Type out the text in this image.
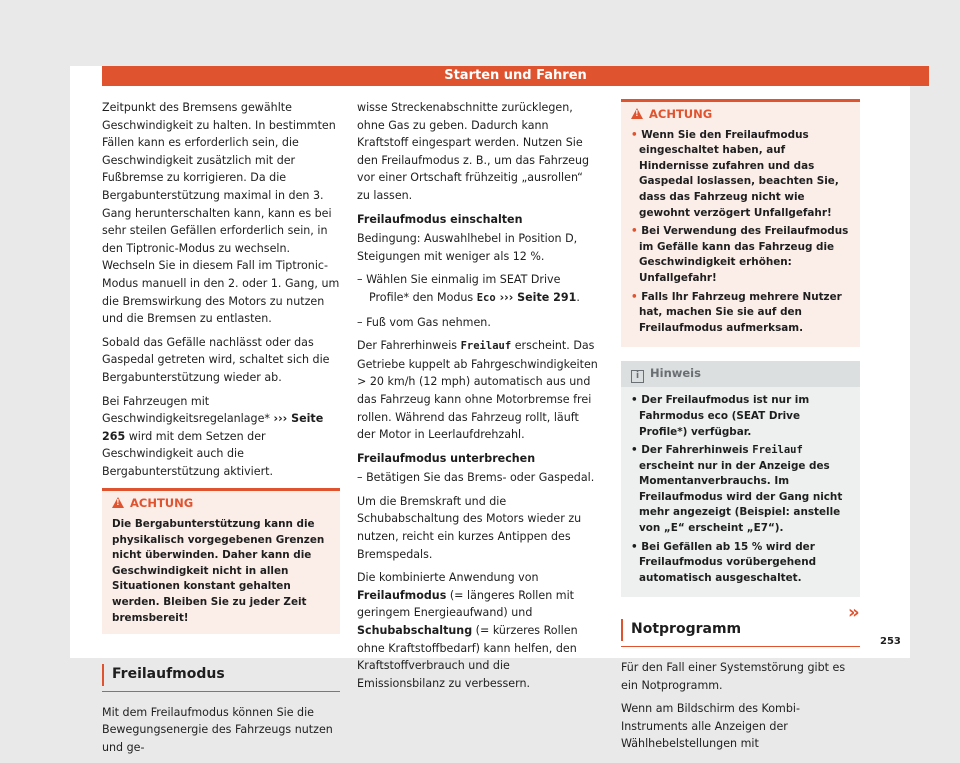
Starten und Fahren

Zeitpunkt des Bremsens gewählte Geschwindigkeit zu halten. In bestimmten Fällen kann es erforderlich sein, die Geschwindigkeit zusätzlich mit der Fußbremse zu korrigieren. Da die Bergabunterstützung maximal in den 3. Gang herunterschalten kann, kann es bei sehr steilen Gefällen erforderlich sein, in den Tiptronic-Modus zu wechseln. Wechseln Sie in diesem Fall im Tiptronic-Modus manuell in den 2. oder 1. Gang, um die Bremswirkung des Motors zu nutzen und die Bremsen zu entlasten.

Sobald das Gefälle nachlässt oder das Gaspedal getreten wird, schaltet sich die Bergabunterstützung wieder ab.

Bei Fahrzeugen mit Geschwindigkeitsregelanlage* ››› Seite 265 wird mit dem Setzen der Geschwindigkeit auch die Bergabunterstützung aktiviert.

!ACHTUNG
Die Bergabunterstützung kann die physikalisch vorgegebenen Grenzen nicht überwinden. Daher kann die Geschwindigkeit nicht in allen Situationen konstant gehalten werden. Bleiben Sie zu jeder Zeit bremsbereit!
Freilaufmodus

Mit dem Freilaufmodus können Sie die Bewegungsenergie des Fahrzeugs nutzen und ge-

wisse Streckenabschnitte zurücklegen, ohne Gas zu geben. Dadurch kann Kraftstoff eingespart werden. Nutzen Sie den Freilaufmodus z. B., um das Fahrzeug vor einer Ortschaft frühzeitig „ausrollen“ zu lassen.

Freilaufmodus einschalten

Bedingung: Auswahlhebel in Position D, Steigungen mit weniger als 12 %.

– Wählen Sie einmalig im SEAT Drive Profile* den Modus Eco ››› Seite 291.
– Fuß vom Gas nehmen.

Der Fahrerhinweis Freilauf erscheint. Das Getriebe kuppelt ab Fahrgeschwindigkeiten > 20 km/h (12 mph) automatisch aus und das Fahrzeug kann ohne Motorbremse frei rollen. Während das Fahrzeug rollt, läuft der Motor in Leerlaufdrehzahl.

Freilaufmodus unterbrechen
– Betätigen Sie das Brems- oder Gaspedal.

Um die Bremskraft und die Schubabschaltung des Motors wieder zu nutzen, reicht ein kurzes Antippen des Bremspedals.

Die kombinierte Anwendung von Freilaufmodus (= längeres Rollen mit geringem Energieaufwand) und Schubabschaltung (= kürzeres Rollen ohne Kraftstoffbedarf) kann helfen, den Kraftstoffverbrauch und die Emissionsbilanz zu verbessern.

!ACHTUNG
• Wenn Sie den Freilaufmodus eingeschaltet haben, auf Hindernisse zufahren und das Gaspedal loslassen, beachten Sie, dass das Fahrzeug nicht wie gewohnt verzögert Unfallgefahr!
• Bei Verwendung des Freilaufmodus im Gefälle kann das Fahrzeug die Geschwindigkeit erhöhen: Unfallgefahr!
• Falls Ihr Fahrzeug mehrere Nutzer hat, machen Sie sie auf den Freilaufmodus aufmerksam.
i Hinweis
• Der Freilaufmodus ist nur im Fahrmodus eco (SEAT Drive Profile*) verfügbar.
• Der Fahrerhinweis Freilauf erscheint nur in der Anzeige des Momentanverbrauchs. Im Freilaufmodus wird der Gang nicht mehr angezeigt (Beispiel: anstelle von „E“ erscheint „E7“).
• Bei Gefällen ab 15 % wird der Freilaufmodus vorübergehend automatisch ausgeschaltet.
Notprogramm

Für den Fall einer Systemstörung gibt es ein Notprogramm.

Wenn am Bildschirm des Kombi-Instruments alle Anzeigen der Wählhebelstellungen mit

»
253
